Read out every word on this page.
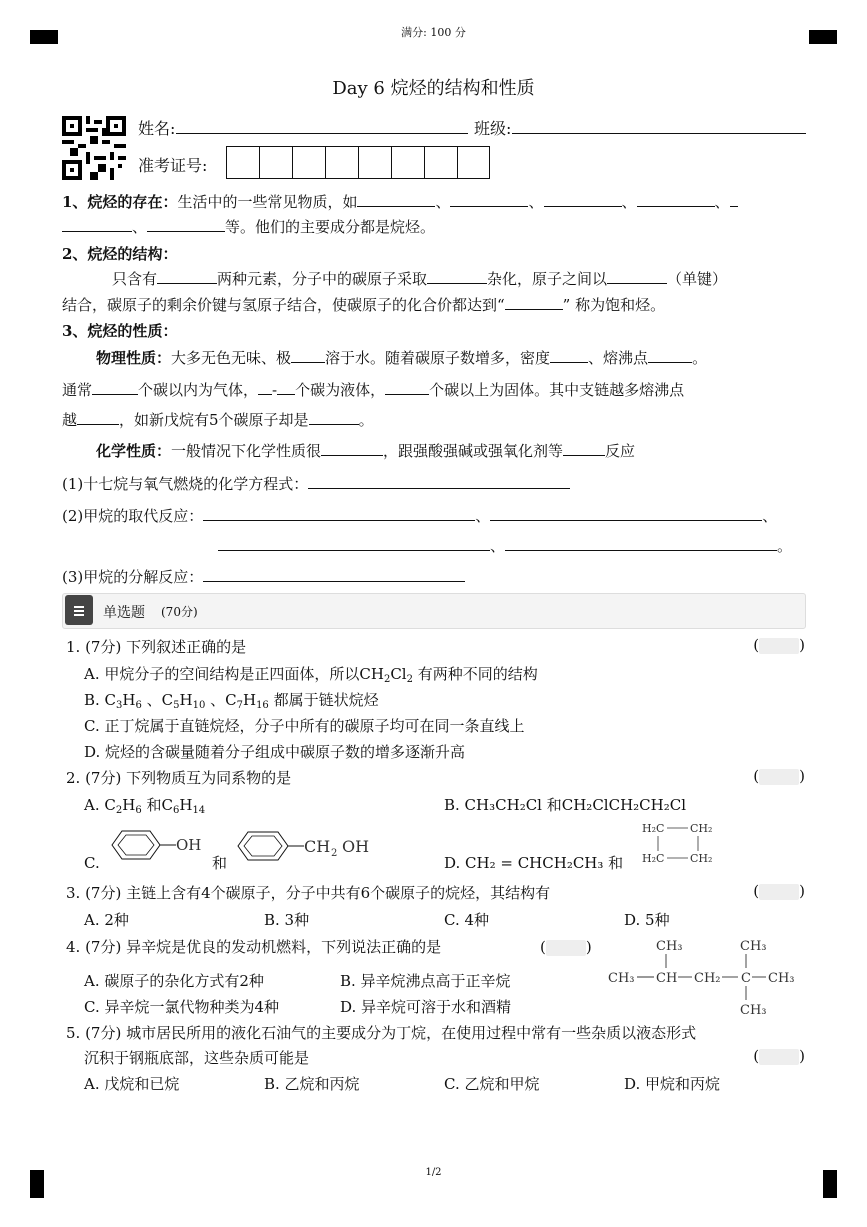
满分: 100 分
Day 6 烷烃的结构和性质
姓名:	班级:
准考证号:
1、烷烃的存在：生活中的一些常见物质，如	、	、	、	、
、	等。他们的主要成分都是烷烃。
2、烷烃的结构：
只含有	两种元素，分子中的碳原子采取	杂化，原子之间以	（单键）
结合，碳原子的剩余价键与氢原子结合，使碳原子的化合价都达到“	” 称为饱和烃。
3、烷烃的性质：
物理性质：大多无色无味、极 溶于水。随着碳原子数增多，密度	、熔沸点	。
通常	个碳以内为气体， - 个碳为液体，	个碳以上为固体。其中支链越多熔沸点
越	，如新戊烷有5个碳原子却是	。
化学性质：一般情况下化学性质很	，跟强酸强碱或强氧化剂等	反应
(1)十七烷与氧气燃烧的化学方程式：
(2)甲烷的取代反应：	、	、
、	。
(3)甲烷的分解反应：
单选题 (70分)
1. (7分) 下列叙述正确的是	(	)
A. 甲烷分子的空间结构是正四面体，所以$CH_2Cl_2$ 有两种不同的结构
B. $C_3H_6$ 、$C_5H_{10}$ 、$C_7H_{16}$ 都属于链状烷烃
C. 正丁烷属于直链烷烃，分子中所有的碳原子均可在同一条直线上
D. 烷烃的含碳量随着分子组成中碳原子数的增多逐渐升高
2. (7分) 下列物质互为同系物的是	(	)
A. $C_2H_6$ 和$C_6H_{14}$	B. CH₃CH₂Cl 和CH₂ClCH₂CH₂Cl
C.
OH
和
CH 2 OH
D. CH₂ = CHCH₂CH₃ 和
H₂C CH₂
H₂C CH₂
3. (7分) 主链上含有4个碳原子，分子中共有6个碳原子的烷烃，其结构有	(	)
A. 2种	B. 3种	C. 4种	D. 5种
4. (7分) 异辛烷是优良的发动机燃料，下列说法正确的是	(	)	CH₃	CH₃
CH₃ CH CH₂ C CH₃
CH₃
A. 碳原子的杂化方式有2种	B. 异辛烷沸点高于正辛烷
C. 异辛烷一氯代物种类为4种	D. 异辛烷可溶于水和酒精
5. (7分) 城市居民所用的液化石油气的主要成分为丁烷，在使用过程中常有一些杂质以液态形式
沉积于钢瓶底部，这些杂质可能是	(	)
A. 戊烷和已烷	B. 乙烷和丙烷	C. 乙烷和甲烷	D. 甲烷和丙烷
1/2
